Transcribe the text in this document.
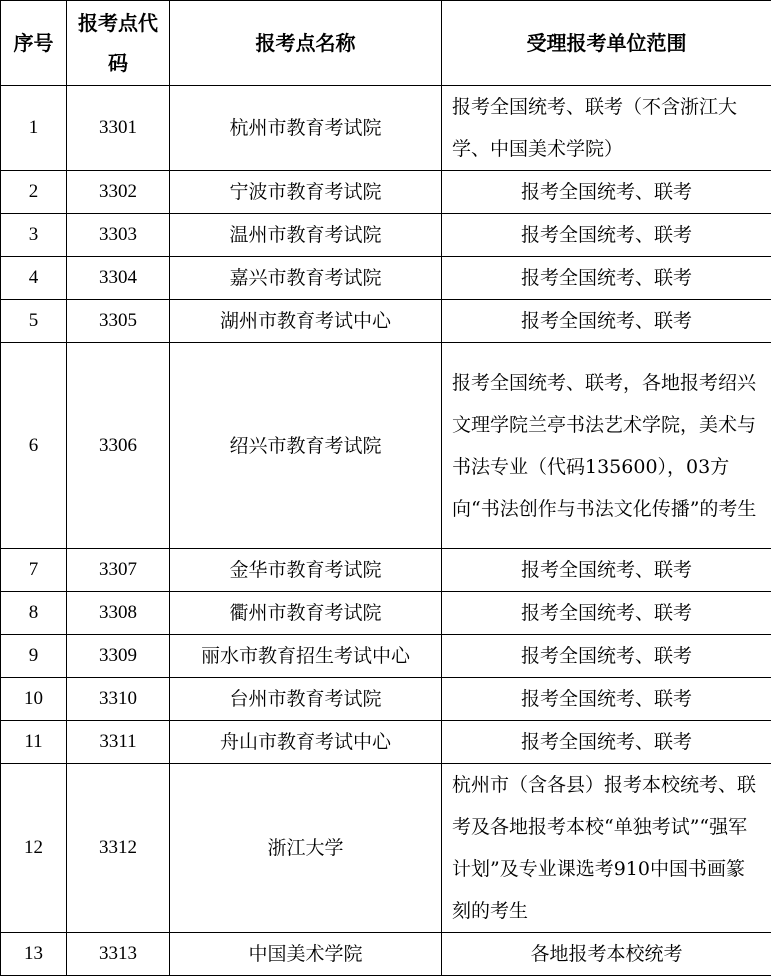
序号	报考点代码	报考点名称	受理报考单位范围
1	3301	杭州市教育考试院	报考全国统考、联考（不含浙江大学、中国美术学院）
2	3302	宁波市教育考试院	报考全国统考、联考
3	3303	温州市教育考试院	报考全国统考、联考
4	3304	嘉兴市教育考试院	报考全国统考、联考
5	3305	湖州市教育考试中心	报考全国统考、联考
6	3306	绍兴市教育考试院	报考全国统考、联考，各地报考绍兴文理学院兰亭书法艺术学院，美术与书法专业（代码135600），03方向“书法创作与书法文化传播”的考生
7	3307	金华市教育考试院	报考全国统考、联考
8	3308	衢州市教育考试院	报考全国统考、联考
9	3309	丽水市教育招生考试中心	报考全国统考、联考
10	3310	台州市教育考试院	报考全国统考、联考
11	3311	舟山市教育考试中心	报考全国统考、联考
12	3312	浙江大学	杭州市（含各县）报考本校统考、联考及各地报考本校“单独考试”“强军计划”及专业课选考910中国书画篆刻的考生
13	3313	中国美术学院	各地报考本校统考
